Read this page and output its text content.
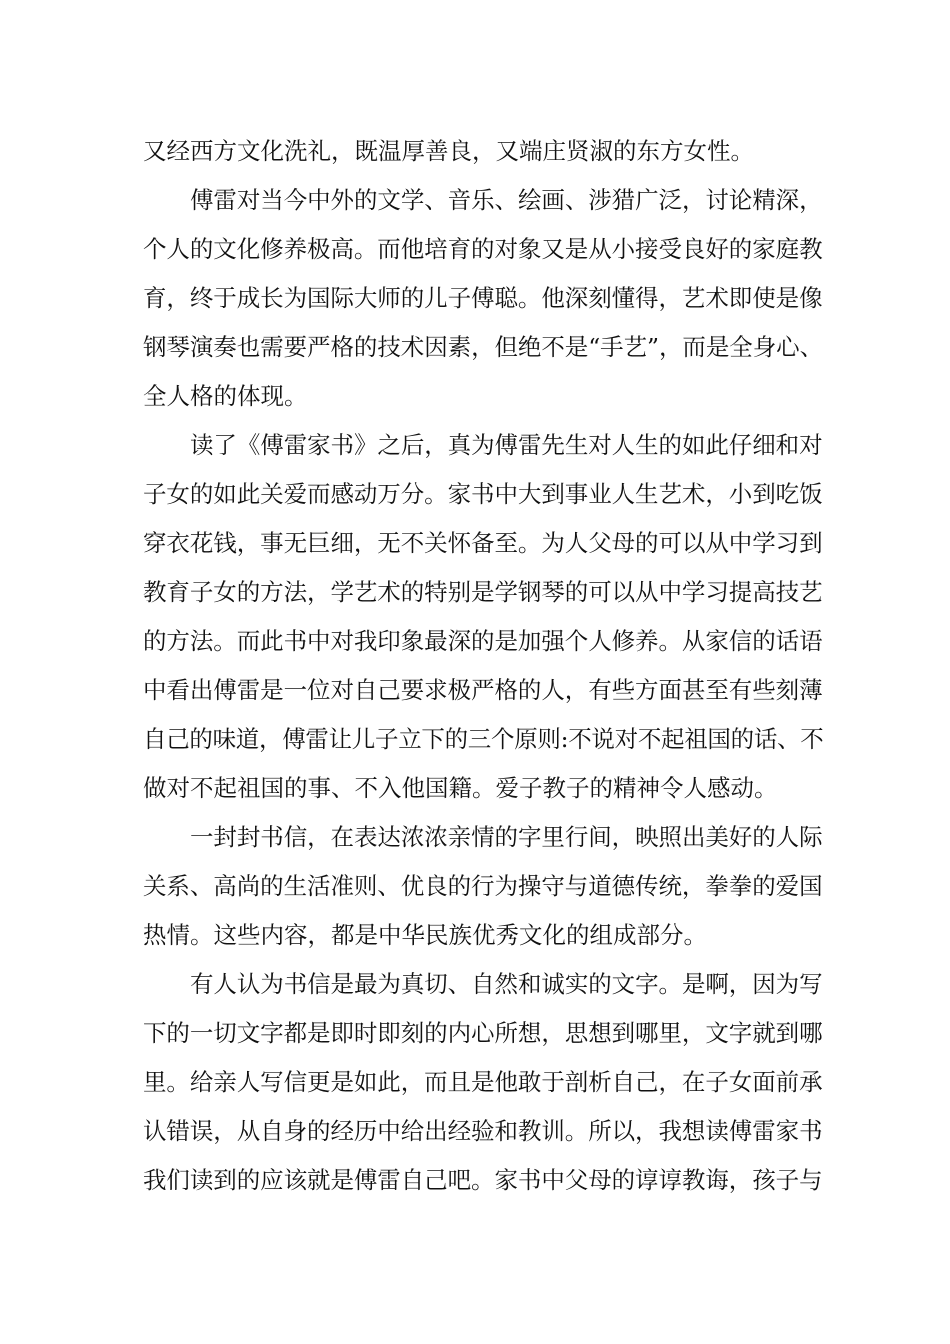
又经西方文化洗礼，既温厚善良，又端庄贤淑的东方女性。
傅雷对当今中外的文学、音乐、绘画、涉猎广泛，讨论精深，
个人的文化修养极高。而他培育的对象又是从小接受良好的家庭教
育，终于成长为国际大师的儿子傅聪。他深刻懂得，艺术即使是像
钢琴演奏也需要严格的技术因素，但绝不是“手艺”，而是全身心、
全人格的体现。
读了《傅雷家书》之后，真为傅雷先生对人生的如此仔细和对
子女的如此关爱而感动万分。家书中大到事业人生艺术，小到吃饭
穿衣花钱，事无巨细，无不关怀备至。为人父母的可以从中学习到
教育子女的方法，学艺术的特别是学钢琴的可以从中学习提高技艺
的方法。而此书中对我印象最深的是加强个人修养。从家信的话语
中看出傅雷是一位对自己要求极严格的人，有些方面甚至有些刻薄
自己的味道，傅雷让儿子立下的三个原则:不说对不起祖国的话、不
做对不起祖国的事、不入他国籍。爱子教子的精神令人感动。
一封封书信，在表达浓浓亲情的字里行间，映照出美好的人际
关系、高尚的生活准则、优良的行为操守与道德传统，拳拳的爱国
热情。这些内容，都是中华民族优秀文化的组成部分。
有人认为书信是最为真切、自然和诚实的文字。是啊，因为写
下的一切文字都是即时即刻的内心所想，思想到哪里，文字就到哪
里。给亲人写信更是如此，而且是他敢于剖析自己，在子女面前承
认错误，从自身的经历中给出经验和教训。所以，我想读傅雷家书
我们读到的应该就是傅雷自己吧。家书中父母的谆谆教诲，孩子与
